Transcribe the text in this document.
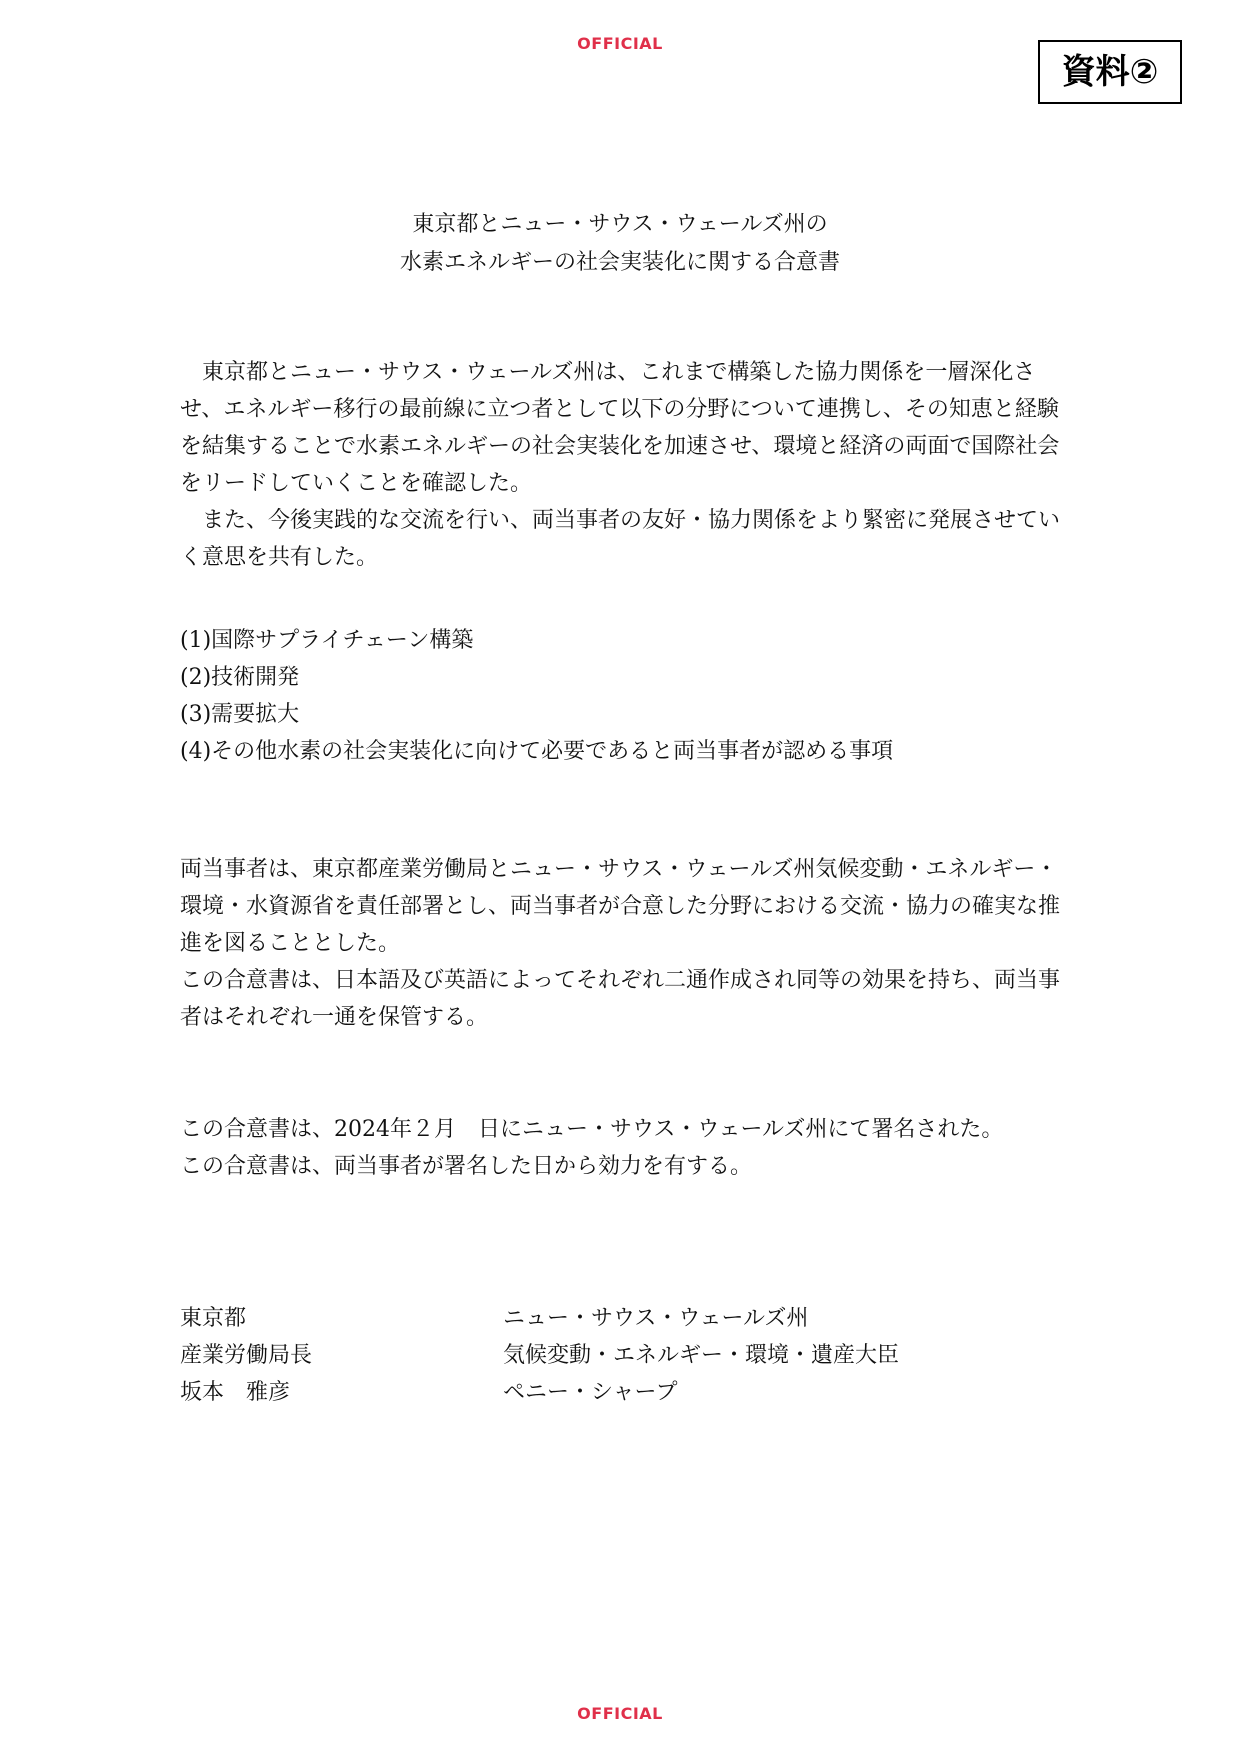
OFFICIAL
資料②
東京都とニュー・サウス・ウェールズ州の
水素エネルギーの社会実装化に関する合意書

東京都とニュー・サウス・ウェールズ州は、これまで構築した協力関係を一層深化させ、エネルギー移行の最前線に立つ者として以下の分野について連携し、その知恵と経験を結集することで水素エネルギーの社会実装化を加速させ、環境と経済の両面で国際社会をリードしていくことを確認した。

また、今後実践的な交流を行い、両当事者の友好・協力関係をより緊密に発展させていく意思を共有した。

(1)国際サプライチェーン構築
(2)技術開発
(3)需要拡大
(4)その他水素の社会実装化に向けて必要であると両当事者が認める事項

両当事者は、東京都産業労働局とニュー・サウス・ウェールズ州気候変動・エネルギー・環境・水資源省を責任部署とし、両当事者が合意した分野における交流・協力の確実な推進を図ることとした。

この合意書は、日本語及び英語によってそれぞれ二通作成され同等の効果を持ち、両当事者はそれぞれ一通を保管する。

この合意書は、2024年２月　日にニュー・サウス・ウェールズ州にて署名された。

この合意書は、両当事者が署名した日から効力を有する。

東京都
産業労働局長
坂本　雅彦
ニュー・サウス・ウェールズ州
気候変動・エネルギー・環境・遺産大臣
ペニー・シャープ
OFFICIAL
